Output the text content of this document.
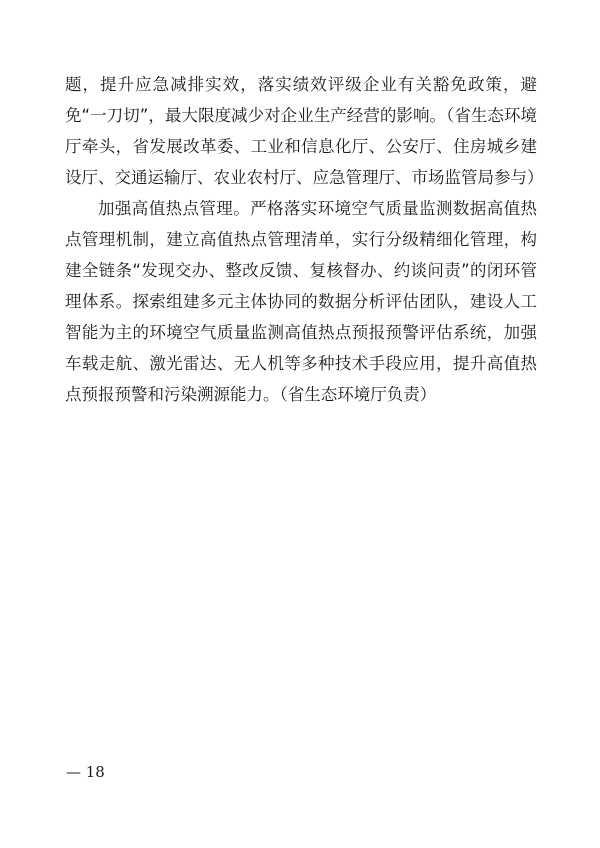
题，提升应急减排实效，落实绩效评级企业有关豁免政策，避免“一刀切”，最大限度减少对企业生产经营的影响。（省生态环境厅牵头，省发展改革委、工业和信息化厅、公安厅、住房城乡建设厅、交通运输厅、农业农村厅、应急管理厅、市场监管局参与）

加强高值热点管理。严格落实环境空气质量监测数据高值热点管理机制，建立高值热点管理清单，实行分级精细化管理，构建全链条“发现交办、整改反馈、复核督办、约谈问责”的闭环管理体系。探索组建多元主体协同的数据分析评估团队，建设人工智能为主的环境空气质量监测高值热点预报预警评估系统，加强车载走航、激光雷达、无人机等多种技术手段应用，提升高值热点预报预警和污染溯源能力。（省生态环境厅负责）

— 18
